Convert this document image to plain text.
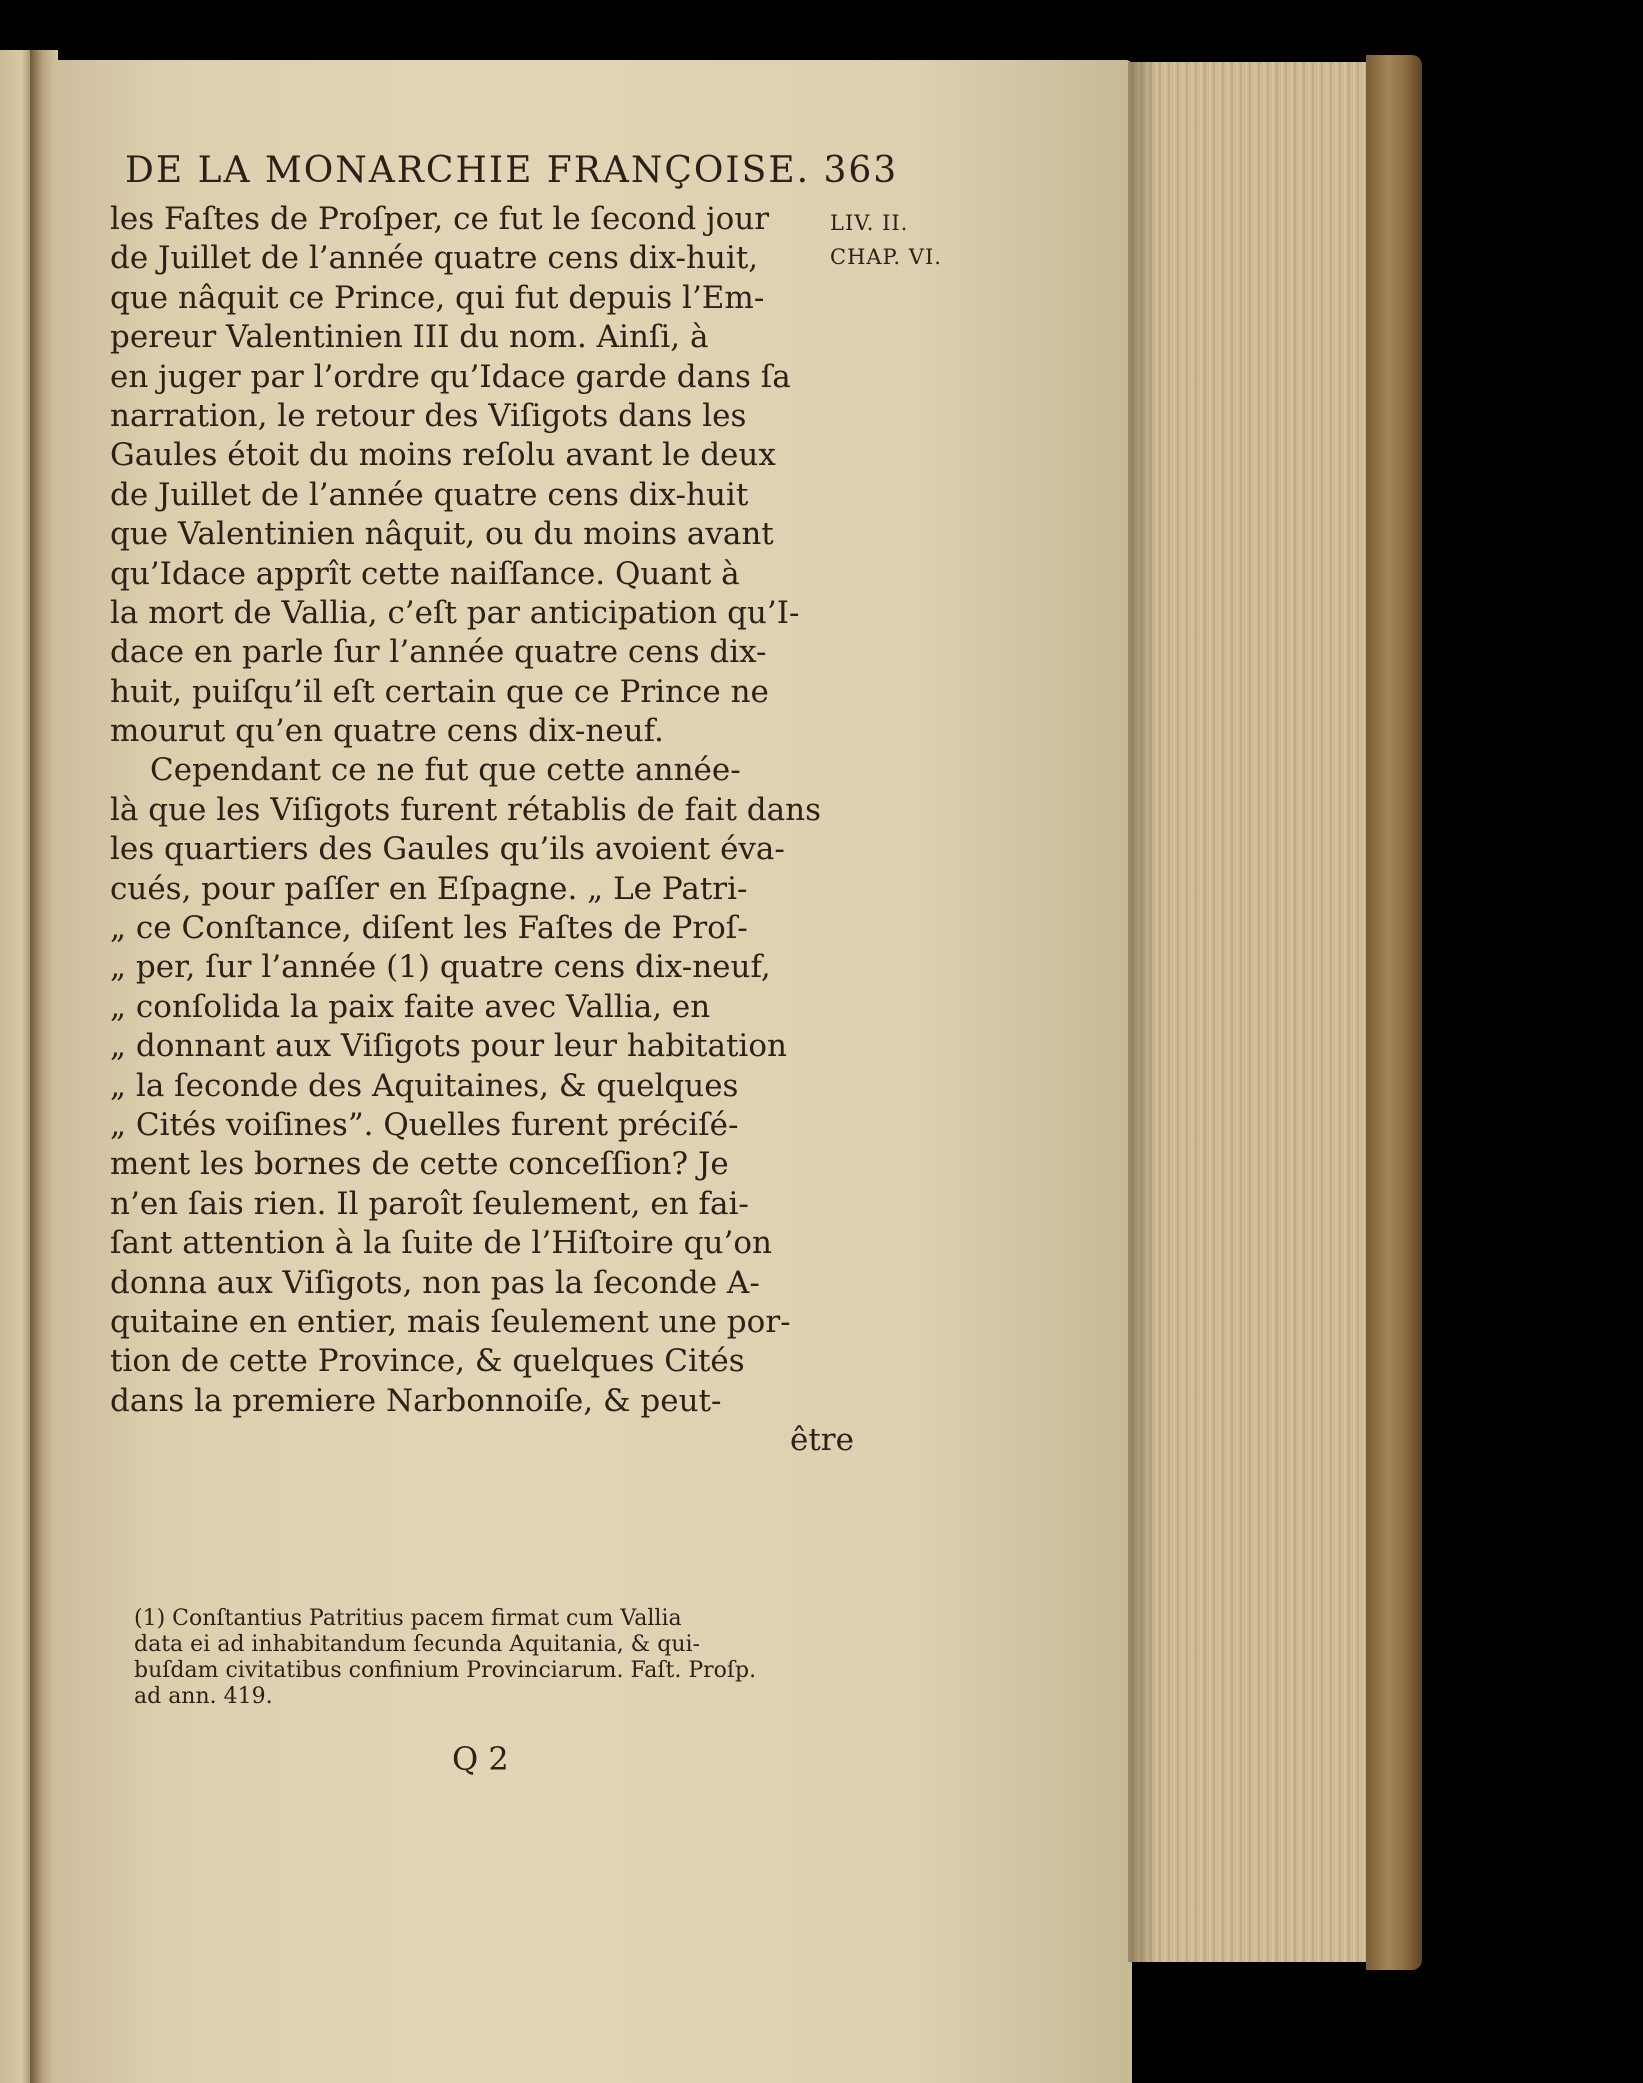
DE LA MONARCHIE FRANÇOISE. 363

LIV. II.
CHAP. VI.
les Faſtes de Proſper, ce fut le ſecond jour
de Juillet de l’année quatre cens dix-huit,
que nâquit ce Prince, qui fut depuis l’Em-
pereur Valentinien III du nom. Ainſi, à
en juger par l’ordre qu’Idace garde dans ſa
narration, le retour des Viſigots dans les
Gaules étoit du moins reſolu avant le deux
de Juillet de l’année quatre cens dix-huit
que Valentinien nâquit, ou du moins avant
qu’Idace apprît cette naiſſance. Quant à
la mort de Vallia, c’eſt par anticipation qu’I-
dace en parle ſur l’année quatre cens dix-
huit, puiſqu’il eſt certain que ce Prince ne
mourut qu’en quatre cens dix-neuf.
Cependant ce ne fut que cette année-
là que les Viſigots furent rétablis de fait dans
les quartiers des Gaules qu’ils avoient éva-
cués, pour paſſer en Eſpagne. „ Le Patri-
„ ce Conſtance, diſent les Faſtes de Proſ-
„ per, ſur l’année (1) quatre cens dix-neuf,
„ conſolida la paix faite avec Vallia, en
„ donnant aux Viſigots pour leur habitation
„ la ſeconde des Aquitaines, & quelques
„ Cités voiſines”. Quelles furent préciſé-
ment les bornes de cette conceſſion? Je
n’en ſais rien. Il paroît ſeulement, en fai-
ſant attention à la ſuite de l’Hiſtoire qu’on
donna aux Viſigots, non pas la ſeconde A-
quitaine en entier, mais ſeulement une por-
tion de cette Province, & quelques Cités
dans la premiere Narbonnoiſe, & peut-
être
(1) Conſtantius Patritius pacem firmat cum Vallia
data ei ad inhabitandum ſecunda Aquitania, & qui-
buſdam civitatibus confinium Provinciarum. Faſt. Proſp.
ad ann. 419.

Q 2
